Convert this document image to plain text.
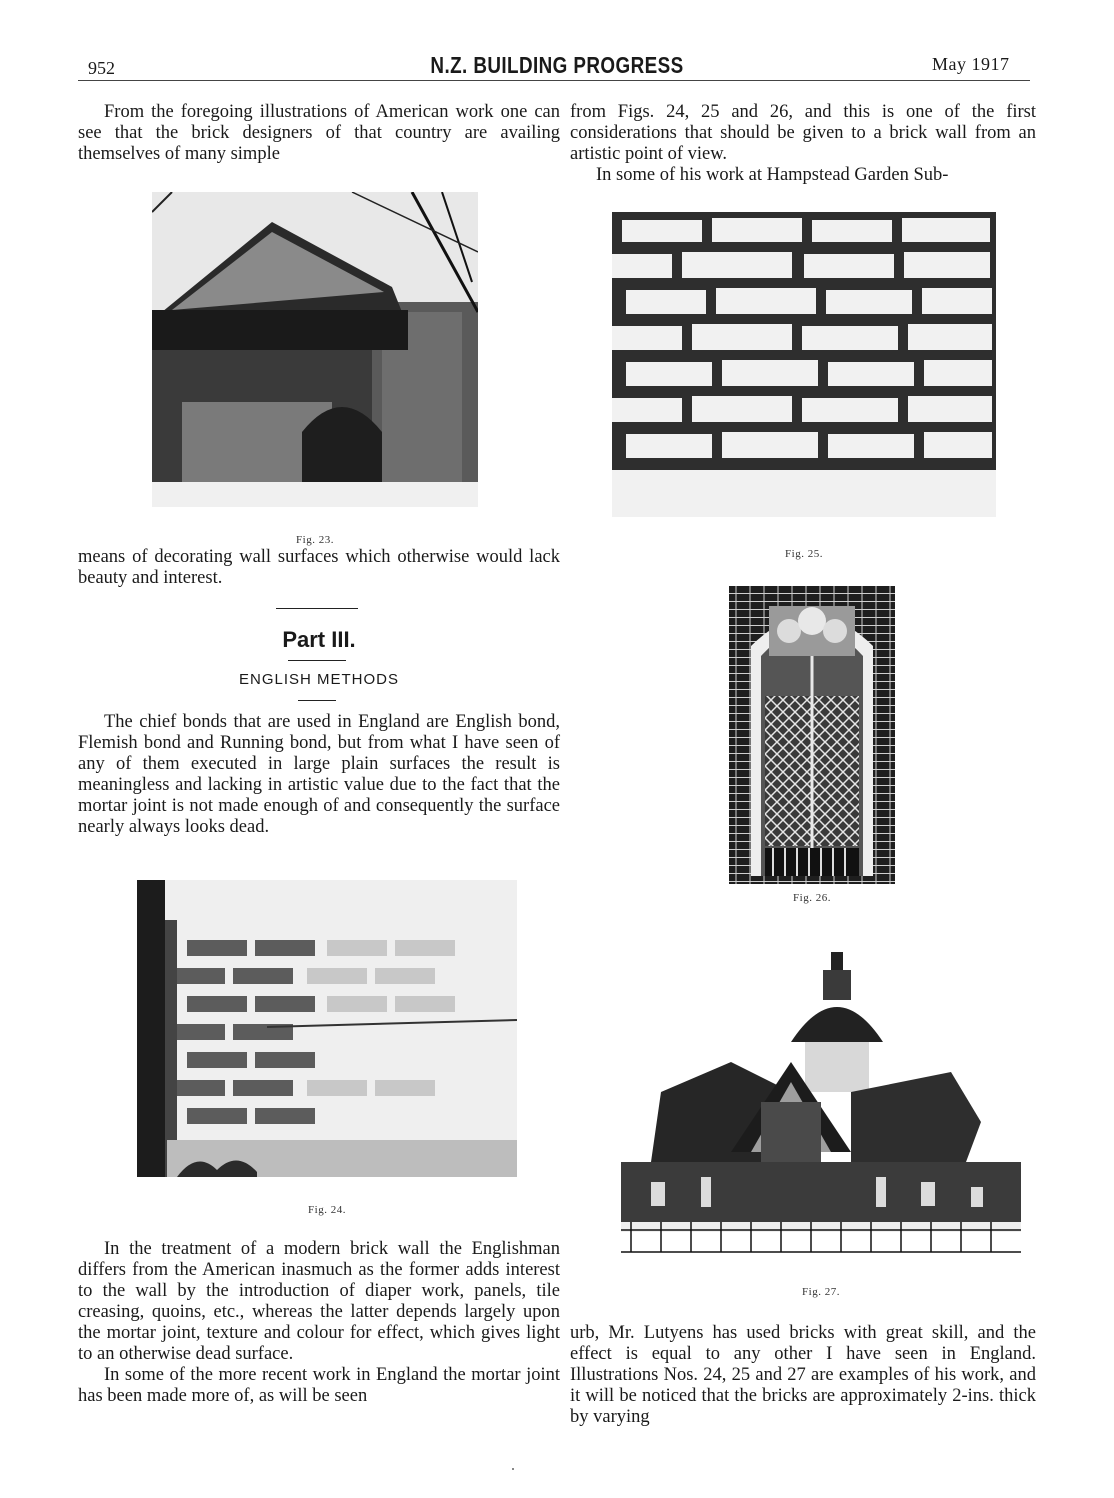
952	N.Z. BUILDING PROGRESS	May 1917

From the foregoing illustrations of American work one can see that the brick designers of that country are availing themselves of many simple

Fig. 23.

means of decorating wall surfaces which otherwise would lack beauty and interest.

Part III.
ENGLISH METHODS

The chief bonds that are used in England are English bond, Flemish bond and Running bond, but from what I have seen of any of them executed in large plain surfaces the result is meaningless and lacking in artistic value due to the fact that the mortar joint is not made enough of and consequently the surface nearly always looks dead.

Fig. 24.

In the treatment of a modern brick wall the Englishman differs from the American inasmuch as the former adds interest to the wall by the introduction of diaper work, panels, tile creasing, quoins, etc., whereas the latter depends largely upon the mortar joint, texture and colour for effect, which gives light to an otherwise dead surface.

In some of the more recent work in England the mortar joint has been made more of, as will be seen

from Figs. 24, 25 and 26, and this is one of the first considerations that should be given to a brick wall from an artistic point of view.

In some of his work at Hampstead Garden Sub-

Fig. 25.
Fig. 26.
Fig. 27.

urb, Mr. Lutyens has used bricks with great skill, and the effect is equal to any other I have seen in England. Illustrations Nos. 24, 25 and 27 are examples of his work, and it will be noticed that the bricks are approximately 2-ins. thick by varying
